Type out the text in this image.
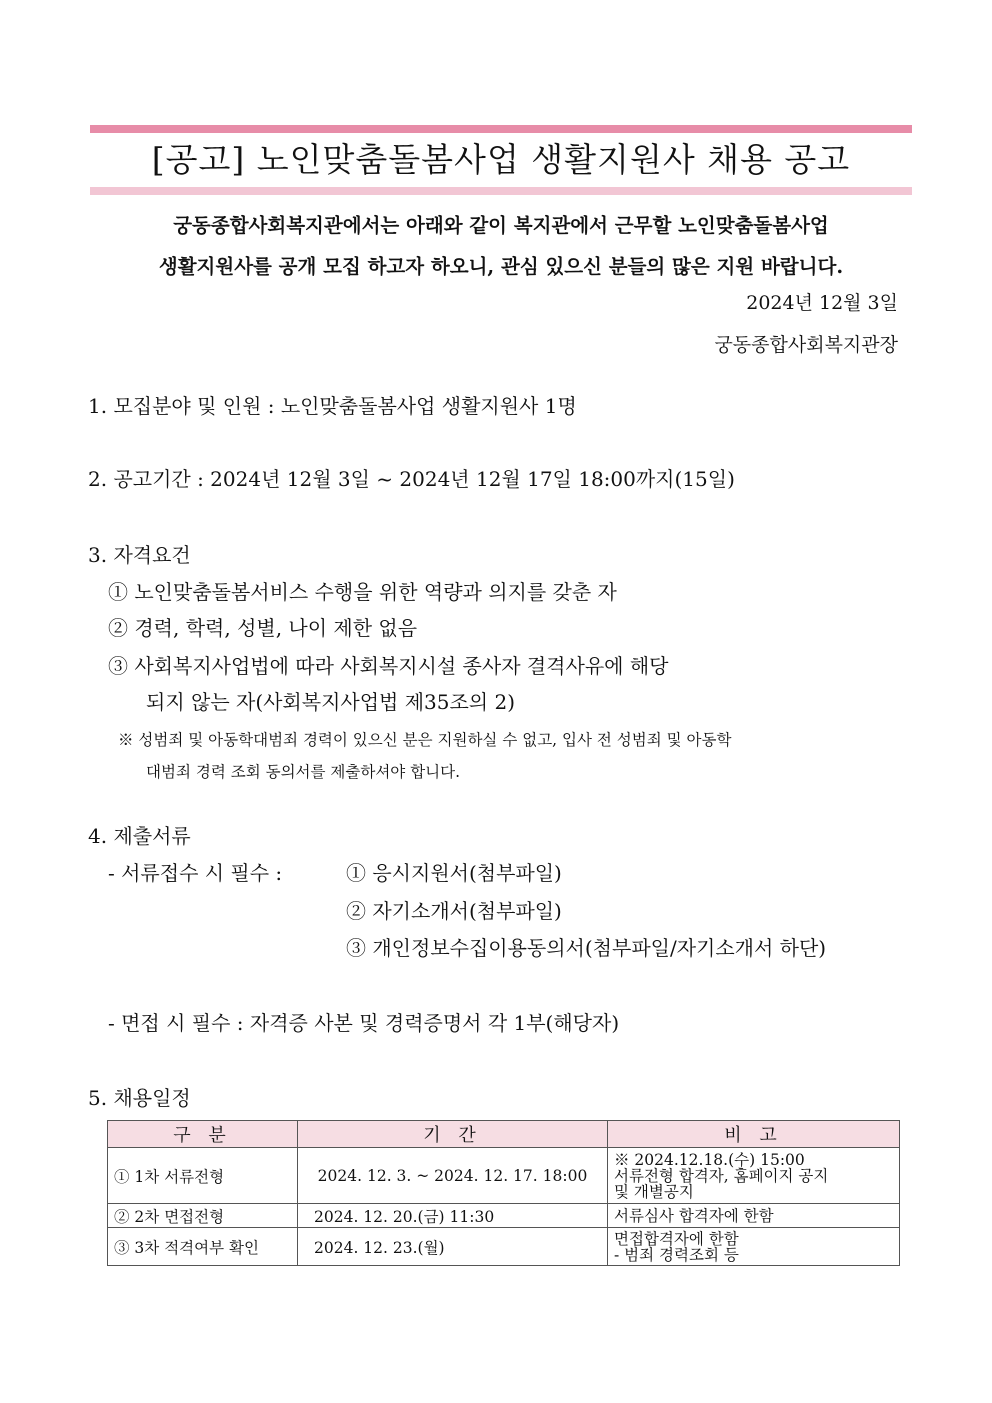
[공고] 노인맞춤돌봄사업 생활지원사 채용 공고
궁동종합사회복지관에서는 아래와 같이 복지관에서 근무할 노인맞춤돌봄사업
생활지원사를 공개 모집 하고자 하오니, 관심 있으신 분들의 많은 지원 바랍니다.
2024년 12월 3일
궁동종합사회복지관장
1. 모집분야 및 인원 : 노인맞춤돌봄사업 생활지원사 1명
2. 공고기간 : 2024년 12월 3일 ~ 2024년 12월 17일 18:00까지(15일)
3. 자격요건
① 노인맞춤돌봄서비스 수행을 위한 역량과 의지를 갖춘 자
② 경력, 학력, 성별, 나이 제한 없음
③ 사회복지사업법에 따라 사회복지시설 종사자 결격사유에 해당
되지 않는 자(사회복지사업법 제35조의 2)
※ 성범죄 및 아동학대범죄 경력이 있으신 분은 지원하실 수 없고, 입사 전 성범죄 및 아동학
대범죄 경력 조회 동의서를 제출하셔야 합니다.
4. 제출서류
- 서류접수 시 필수 :	① 응시지원서(첨부파일)
② 자기소개서(첨부파일)
③ 개인정보수집이용동의서(첨부파일/자기소개서 하단)
- 면접 시 필수 : 자격증 사본 및 경력증명서 각 1부(해당자)
5. 채용일정
구 분	기 간	비 고
① 1차 서류전형	2024. 12. 3. ~ 2024. 12. 17. 18:00	※ 2024.12.18.(수) 15:00
서류전형 합격자, 홈페이지 공지
및 개별공지

② 2차 면접전형	2024. 12. 20.(금) 11:30	서류심사 합격자에 한함
③ 3차 적격여부 확인	2024. 12. 23.(월)	면접합격자에 한함
- 범죄 경력조회 등
